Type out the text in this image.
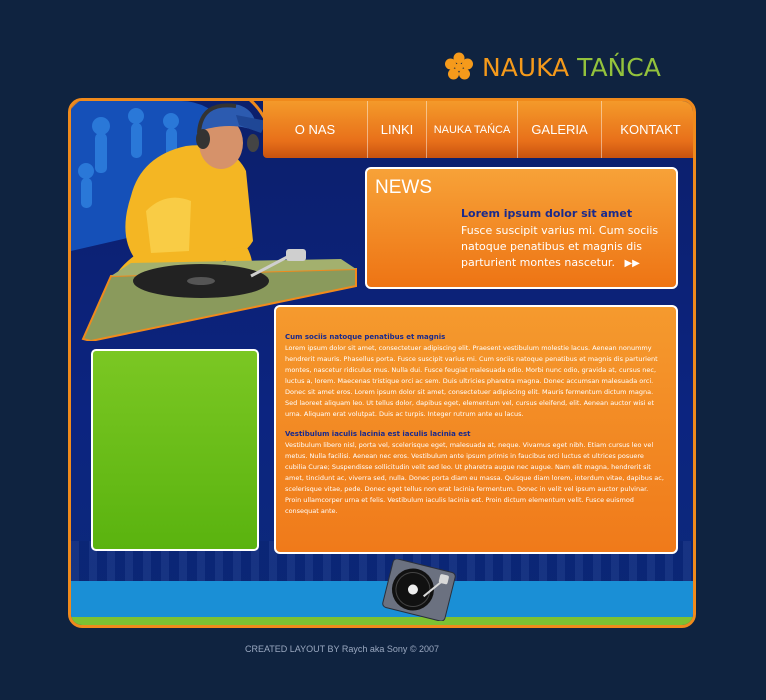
NAUKA TAŃCA
O NAS	LINKI	NAUKA TAŃCA	GALERIA	KONTAKT
NEWS
Lorem ipsum dolor sit amet
Fusce suscipit varius mi. Cum sociis natoque penatibus et magnis dis parturient montes nascetur. ▶▶

Cum sociis natoque penatibus et magnis

Lorem ipsum dolor sit amet, consectetuer adipiscing elit. Praesent vestibulum molestie lacus. Aenean nonummy hendrerit mauris. Phasellus porta. Fusce suscipit varius mi. Cum sociis natoque penatibus et magnis dis parturient montes, nascetur ridiculus mus. Nulla dui. Fusce feugiat malesuada odio. Morbi nunc odio, gravida at, cursus nec, luctus a, lorem. Maecenas tristique orci ac sem. Duis ultricies pharetra magna. Donec accumsan malesuada orci. Donec sit amet eros. Lorem ipsum dolor sit amet, consectetuer adipiscing elit. Mauris fermentum dictum magna. Sed laoreet aliquam leo. Ut tellus dolor, dapibus eget, elementum vel, cursus eleifend, elit. Aenean auctor wisi et urna. Aliquam erat volutpat. Duis ac turpis. Integer rutrum ante eu lacus.

Vestibulum iaculis lacinia est iaculis lacinia est

Vestibulum libero nisl, porta vel, scelerisque eget, malesuada at, neque. Vivamus eget nibh. Etiam cursus leo vel metus. Nulla facilisi. Aenean nec eros. Vestibulum ante ipsum primis in faucibus orci luctus et ultrices posuere cubilia Curae; Suspendisse sollicitudin velit sed leo. Ut pharetra augue nec augue. Nam elit magna, hendrerit sit amet, tincidunt ac, viverra sed, nulla. Donec porta diam eu massa. Quisque diam lorem, interdum vitae, dapibus ac, scelerisque vitae, pede. Donec eget tellus non erat lacinia fermentum. Donec in velit vel ipsum auctor pulvinar. Proin ullamcorper urna et felis. Vestibulum iaculis lacinia est. Proin dictum elementum velit. Fusce euismod consequat ante.

CREATED LAYOUT BY Raych aka Sony © 2007
